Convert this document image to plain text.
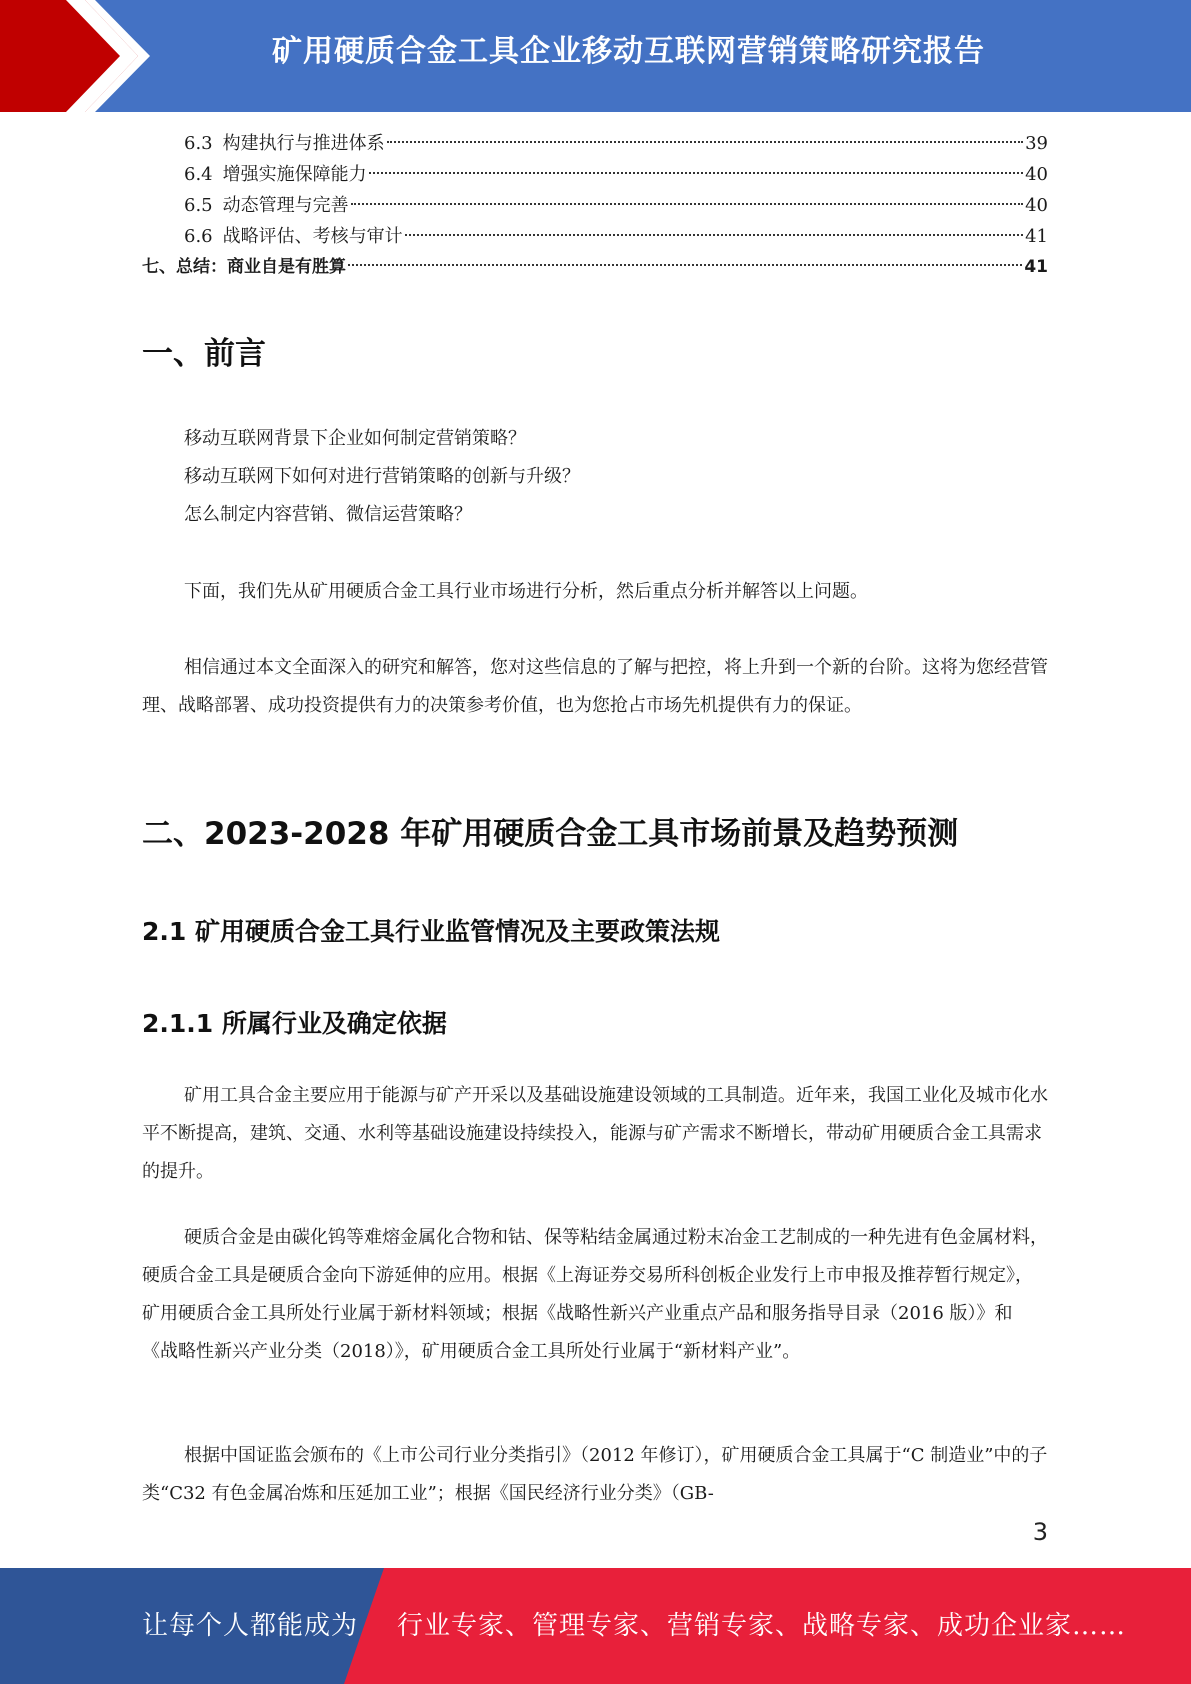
矿用硬质合金工具企业移动互联网营销策略研究报告
6.3 构建执行与推进体系	39
6.4 增强实施保障能力	40
6.5 动态管理与完善	40
6.6 战略评估、考核与审计	41
七、总结：商业自是有胜算	41
一、前言
移动互联网背景下企业如何制定营销策略？
移动互联网下如何对进行营销策略的创新与升级？
怎么制定内容营销、微信运营策略？

下面，我们先从矿用硬质合金工具行业市场进行分析，然后重点分析并解答以上问题。

相信通过本文全面深入的研究和解答，您对这些信息的了解与把控，将上升到一个新的台阶。这将为您经营管理、战略部署、成功投资提供有力的决策参考价值，也为您抢占市场先机提供有力的保证。

二、2023-2028 年矿用硬质合金工具市场前景及趋势预测
2.1 矿用硬质合金工具行业监管情况及主要政策法规
2.1.1 所属行业及确定依据

矿用工具合金主要应用于能源与矿产开采以及基础设施建设领域的工具制造。近年来，我国工业化及城市化水平不断提高，建筑、交通、水利等基础设施建设持续投入，能源与矿产需求不断增长，带动矿用硬质合金工具需求的提升。

硬质合金是由碳化钨等难熔金属化合物和钴、保等粘结金属通过粉末冶金工艺制成的一种先进有色金属材料，硬质合金工具是硬质合金向下游延伸的应用。根据《上海证券交易所科创板企业发行上市申报及推荐暂行规定》，矿用硬质合金工具所处行业属于新材料领域；根据《战略性新兴产业重点产品和服务指导目录（2016 版）》和《战略性新兴产业分类（2018）》，矿用硬质合金工具所处行业属于“新材料产业”。

根据中国证监会颁布的《上市公司行业分类指引》（2012 年修订），矿用硬质合金工具属于“C 制造业”中的子类“C32 有色金属冶炼和压延加工业”；根据《国民经济行业分类》（GB-

3
让每个人都能成为 行业专家、管理专家、营销专家、战略专家、成功企业家……
